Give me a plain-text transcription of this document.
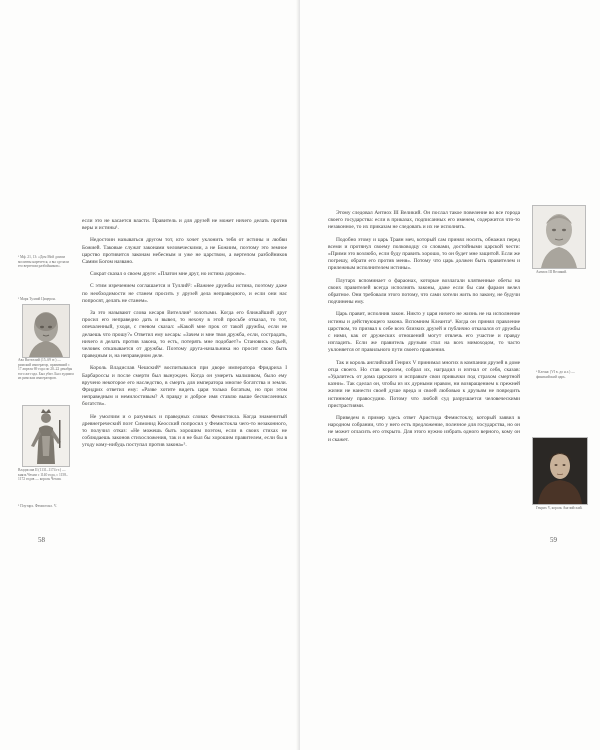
¹ Мф. 21, 13: «Дом Мой домом молитвы наречется, а вы сделали его вертепом разбойников».
² Марк Туллий Цицерон.
Авл Вителлий (15–69 гг.) — римский император, правивший с 17 апреля 69 года по 20–22 декабря того же года. Был убит. Был худшим из римских императоров.
Владислав II (1131–1174 гг.) — князь Чехии с 1140 года, с 1158–1172 годов — король Чехии.
⁵ Плутарх. Фемистокл. V.

если это не касается власти. Правитель и для друзей не может ничего делать против веры и истины¹.

Недостоин называться другом тот, кто хочет уклонить тебя от истины и любви Божией. Таковые служат законами человеческими, а не Божиим, поэтому это земное царство противится законам небесным и уже не царством, а вертепом разбойников Самим Богом названо.

Сократ сказал о своем друге: «Платон мне друг, но истина дороже».

С этим изречением соглашается и Туллий²: «Важнее дружбы истина, поэтому даже по необходимости не станем просить у друзей дела неправедного, и если они нас попросят, делать не станем».

За это называют слова кесаря Вителлия³ золотыми. Когда его ближайший друг просил его неправедно дать и вывел, то нехочу в этой просьбе отказал, то тот, опечаленный, уходя, с гневом сказал: «Какой мне прок от такой дружбы, если не делаешь что прошу?» Ответил ему кесарь: «Зачем и мне твоя дружба, если, сострадать, ничего я делать против закона, то есть, потерять мне подобает?» Становись судьей, человек отказывается от дружбы. Поэтому друга-начальника но просит свою быть праведным и, на неправедном деле.

Король Владислав Чешский⁴ воспитывался при дворе императора Фридриха I Барбароссы и после смерти был вынужден. Когда он умереть мальчиком, было ему вручено некоторое его наследство, в смерть для императора многие богатства и земли. Фридрих ответил ему: «Разве хотите видеть царя только богатым, но при этом неправедным и немилостивым? А правду и доброе имя ставлю выше бесчисленных богатств».

Не умолчим и о разумных и праведных словах Фемистокла. Когда знаменитый древнегреческий поэт Симонид Кеосский попросил у Фемистокла чего-то незаконного, то получил отказ: «Не можешь быть хорошим поэтом, если в своих стихах не соблюдаешь законов стихосложения, так и я не был бы хорошим правителем, если бы в угоду кому-нибудь поступал против закона»⁵.

58

Этому следовал Антиох III Великий. Он послал такое повеление во все города своего государства: если в приказах, подписанных его именем, содержится что-то незаконное, то их приказам не следовать и их не исполнять.

Подобно этому и царь Траян меч, который сам принял носить, обнажил перед всеми и протянул своему полководцу со словами, достойными царской чести: «Прими это возлюбо, если буду править хорошо, то он будет мне защитой. Если же погрешу, обрати его против меня». Потому что царь должен быть правителем и прилежным исполнителем истины».

Плутарх вспоминает о фараонах, которые возлагали клятвенные обеты на своих правителей всегда исполнять законы, даже если бы сам фараон велел обратное. Они требовали этого потому, что сами хотели жить по закону, не будучи подчинены ему.

Царь правит, исполнив закон. Никто у царя ничего не жизнь не на исполнение истины и действующего закона. Вспомним Клеанта⁶. Когда он принял правление царством, то призвал к себе всех близких друзей и публично отказался от дружбы с ними, как от дружеских отношений могут отвлечь его участие и правду изгладить. Если же правитель друзьям стал на всех мимоходом, то часто уклоняется от правильного пути своего правления.

Так и король английский Генрих V принимал многих в компании друзей в доме отца своего. Но став королем, собрал их, наградил и изгнал от себя, сказав: «Удалитесь от дома царского и исправьте свои привычки под страхом смертной казни». Так сделал он, чтобы из их дурными нравом, ни возвращением к прежней жизни не нанести своей душе вреда и своей любовью к друзьям не повредить истинному правосудию. Потому что любой суд разрушается человеческими пристрастиями.

Приведем в пример здесь ответ Аристида Фемистоклу, который заявил в народном собрании, что у него есть предложение, полезное для государства, но он не может огласить его открыто. Для этого нужно избрать одного верного, кому он и скажет.

Антиох III Великий.
⁶ Клеанс (VI в. до н.э.) — финикийский царь.
Генрих V, король Английский.
59
